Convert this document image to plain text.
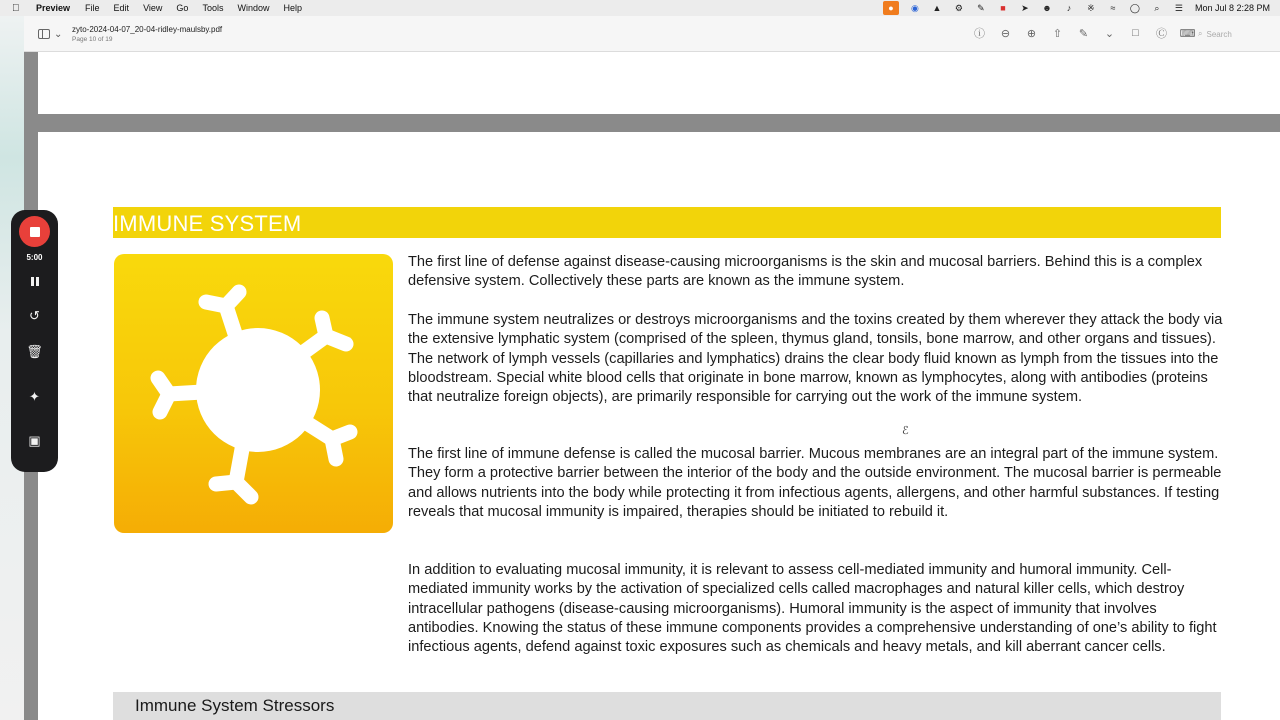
Preview File Edit View Go Tools Window Help	●	◉ ▲ ⚙ ✎	■	➤ ☻	♪	※	≈	◯	⌕	☰ Mon Jul 8 2:28 PM
⌄ zyto-2024-04-07_20-04-ridley-maulsby.pdf
Page 10 of 19	ⓘ ⊖ ⊕ ⇧ ✎ ⌄ □ Ⓒ ⌨ ⌕ Search
IMMUNE SYSTEM

The first line of defense against disease-causing microorganisms is the skin and mucosal barriers. Behind this is a complex defensive system. Collectively these parts are known as the immune system.

The immune system neutralizes or destroys microorganisms and the toxins created by them wherever they attack the body via the extensive lymphatic system (comprised of the spleen, thymus gland, tonsils, bone marrow, and other organs and tissues). The network of lymph vessels (capillaries and lymphatics) drains the clear body fluid known as lymph from the tissues into the bloodstream. Special white blood cells that originate in bone marrow, known as lymphocytes, along with antibodies (proteins that neutralize foreign objects), are primarily responsible for carrying out the work of the immune system.

The first line of immune defense is called the mucosal barrier. Mucous membranes are an integral part of the immune system. They form a protective barrier between the interior of the body and the outside environment. The mucosal barrier is permeable and allows nutrients into the body while protecting it from infectious agents, allergens, and other harmful substances. If testing reveals that mucosal immunity is impaired, therapies should be initiated to rebuild it.

In addition to evaluating mucosal immunity, it is relevant to assess cell-mediated immunity and humoral immunity. Cell-mediated immunity works by the activation of specialized cells called macrophages and natural killer cells, which destroy intracellular pathogens (disease-causing microorganisms). Humoral immunity is the aspect of immunity that involves antibodies. Knowing the status of these immune components provides a comprehensive understanding of one’s ability to fight infectious agents, defend against toxic exposures such as chemicals and heavy metals, and kill aberrant cancer cells.

ℰ
Immune System Stressors
5:00
↺
🗑
✦
▣
